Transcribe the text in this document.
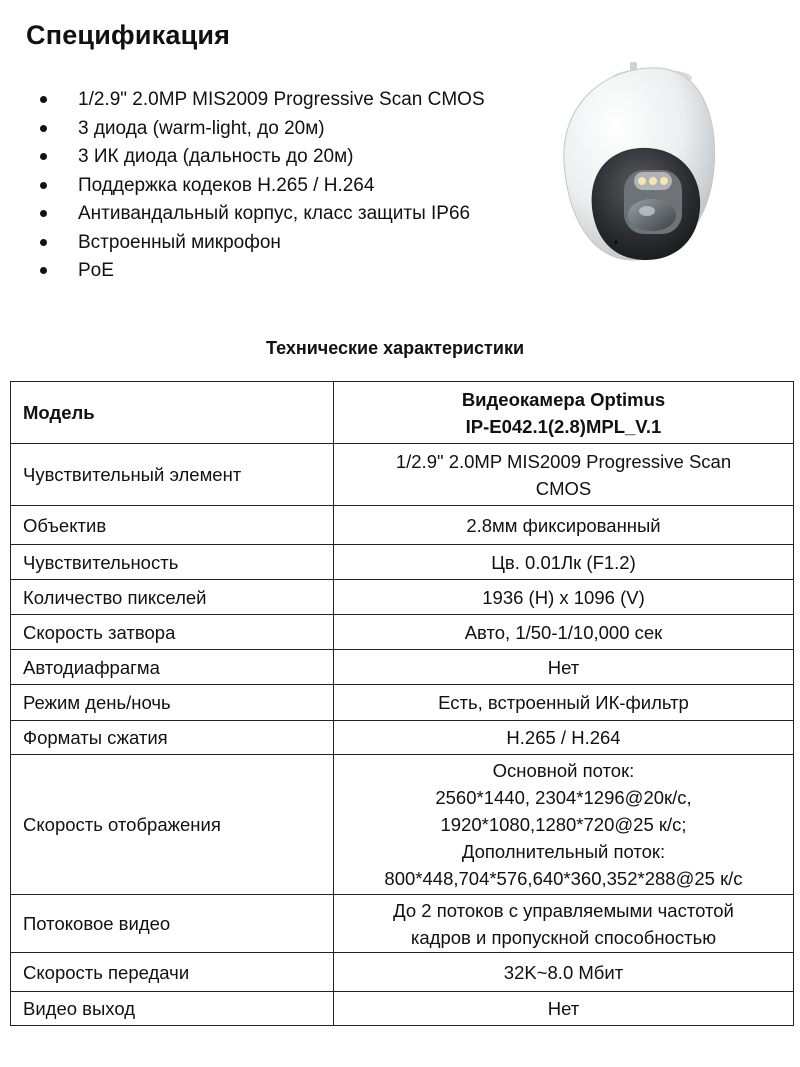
Спецификация
1/2.9" 2.0MP MIS2009 Progressive Scan CMOS
3 диода (warm-light, до 20м)
3 ИК диода (дальность до 20м)
Поддержка кодеков H.265 / H.264
Антивандальный корпус, класс защиты IP66
Встроенный микрофон
PoE
Технические характеристики
Модель	Видеокамера Optimus
IP-E042.1(2.8)MPL_V.1
Чувствительный элемент	1/2.9" 2.0MP MIS2009 Progressive Scan
CMOS
Объектив	2.8мм фиксированный
Чувствительность	Цв. 0.01Лк (F1.2)
Количество пикселей	1936 (H) x 1096 (V)
Скорость затвора	Авто, 1/50-1/10,000 сек
Автодиафрагма	Нет
Режим день/ночь	Есть, встроенный ИК-фильтр
Форматы сжатия	H.265 / H.264
Скорость отображения	Основной поток:
2560*1440, 2304*1296@20к/с,
1920*1080,1280*720@25 к/с;
Дополнительный поток:
800*448,704*576,640*360,352*288@25 к/с
Потоковое видео	До 2 потоков с управляемыми частотой
кадров и пропускной способностью
Скорость передачи	32K~8.0 Мбит
Видео выход	Нет
